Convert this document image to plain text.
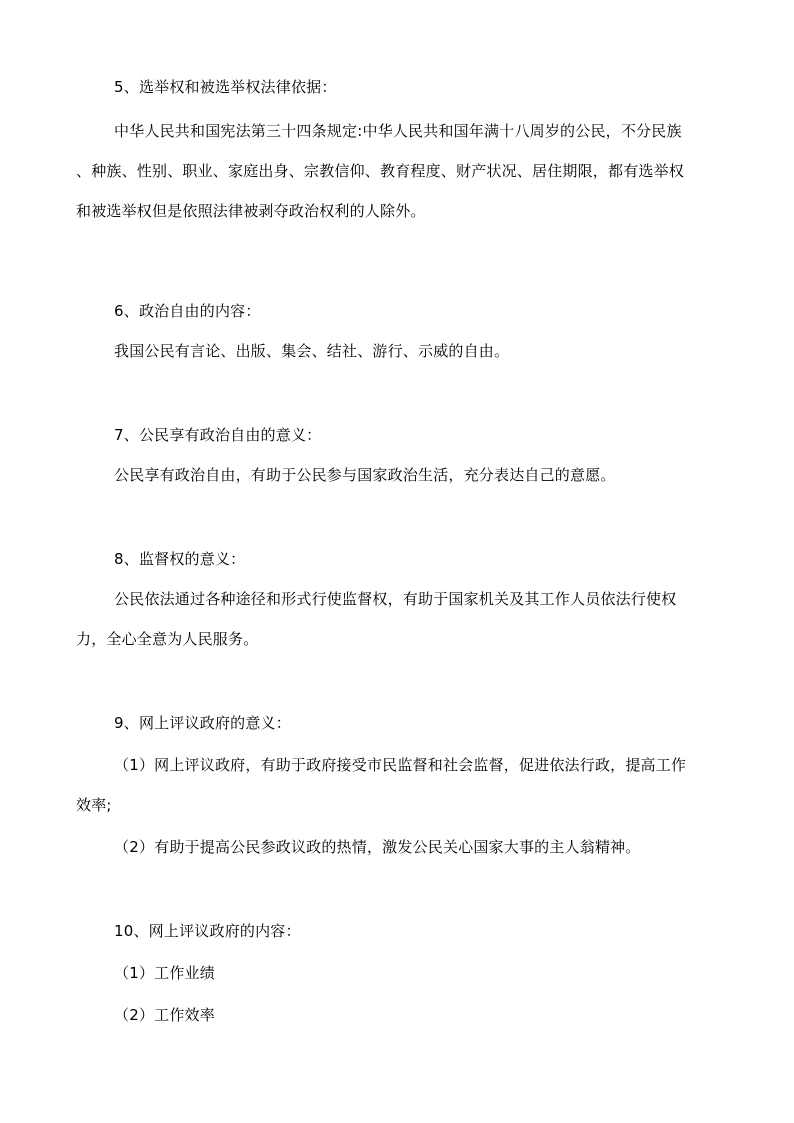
5、选举权和被选举权法律依据：
中华人民共和国宪法第三十四条规定:中华人民共和国年满十八周岁的公民，不分民族
、种族、性别、职业、家庭出身、宗教信仰、教育程度、财产状况、居住期限，都有选举权
和被选举权但是依照法律被剥夺政治权利的人除外。
6、政治自由的内容：
我国公民有言论、出版、集会、结社、游行、示威的自由。
7、公民享有政治自由的意义：
公民享有政治自由，有助于公民参与国家政治生活，充分表达自己的意愿。
8、监督权的意义：
公民依法通过各种途径和形式行使监督权，有助于国家机关及其工作人员依法行使权
力，全心全意为人民服务。
9、网上评议政府的意义：
（1）网上评议政府，有助于政府接受市民监督和社会监督，促进依法行政，提高工作
效率;
（2）有助于提高公民参政议政的热情，激发公民关心国家大事的主人翁精神。
10、网上评议政府的内容：
（1）工作业绩
（2）工作效率
